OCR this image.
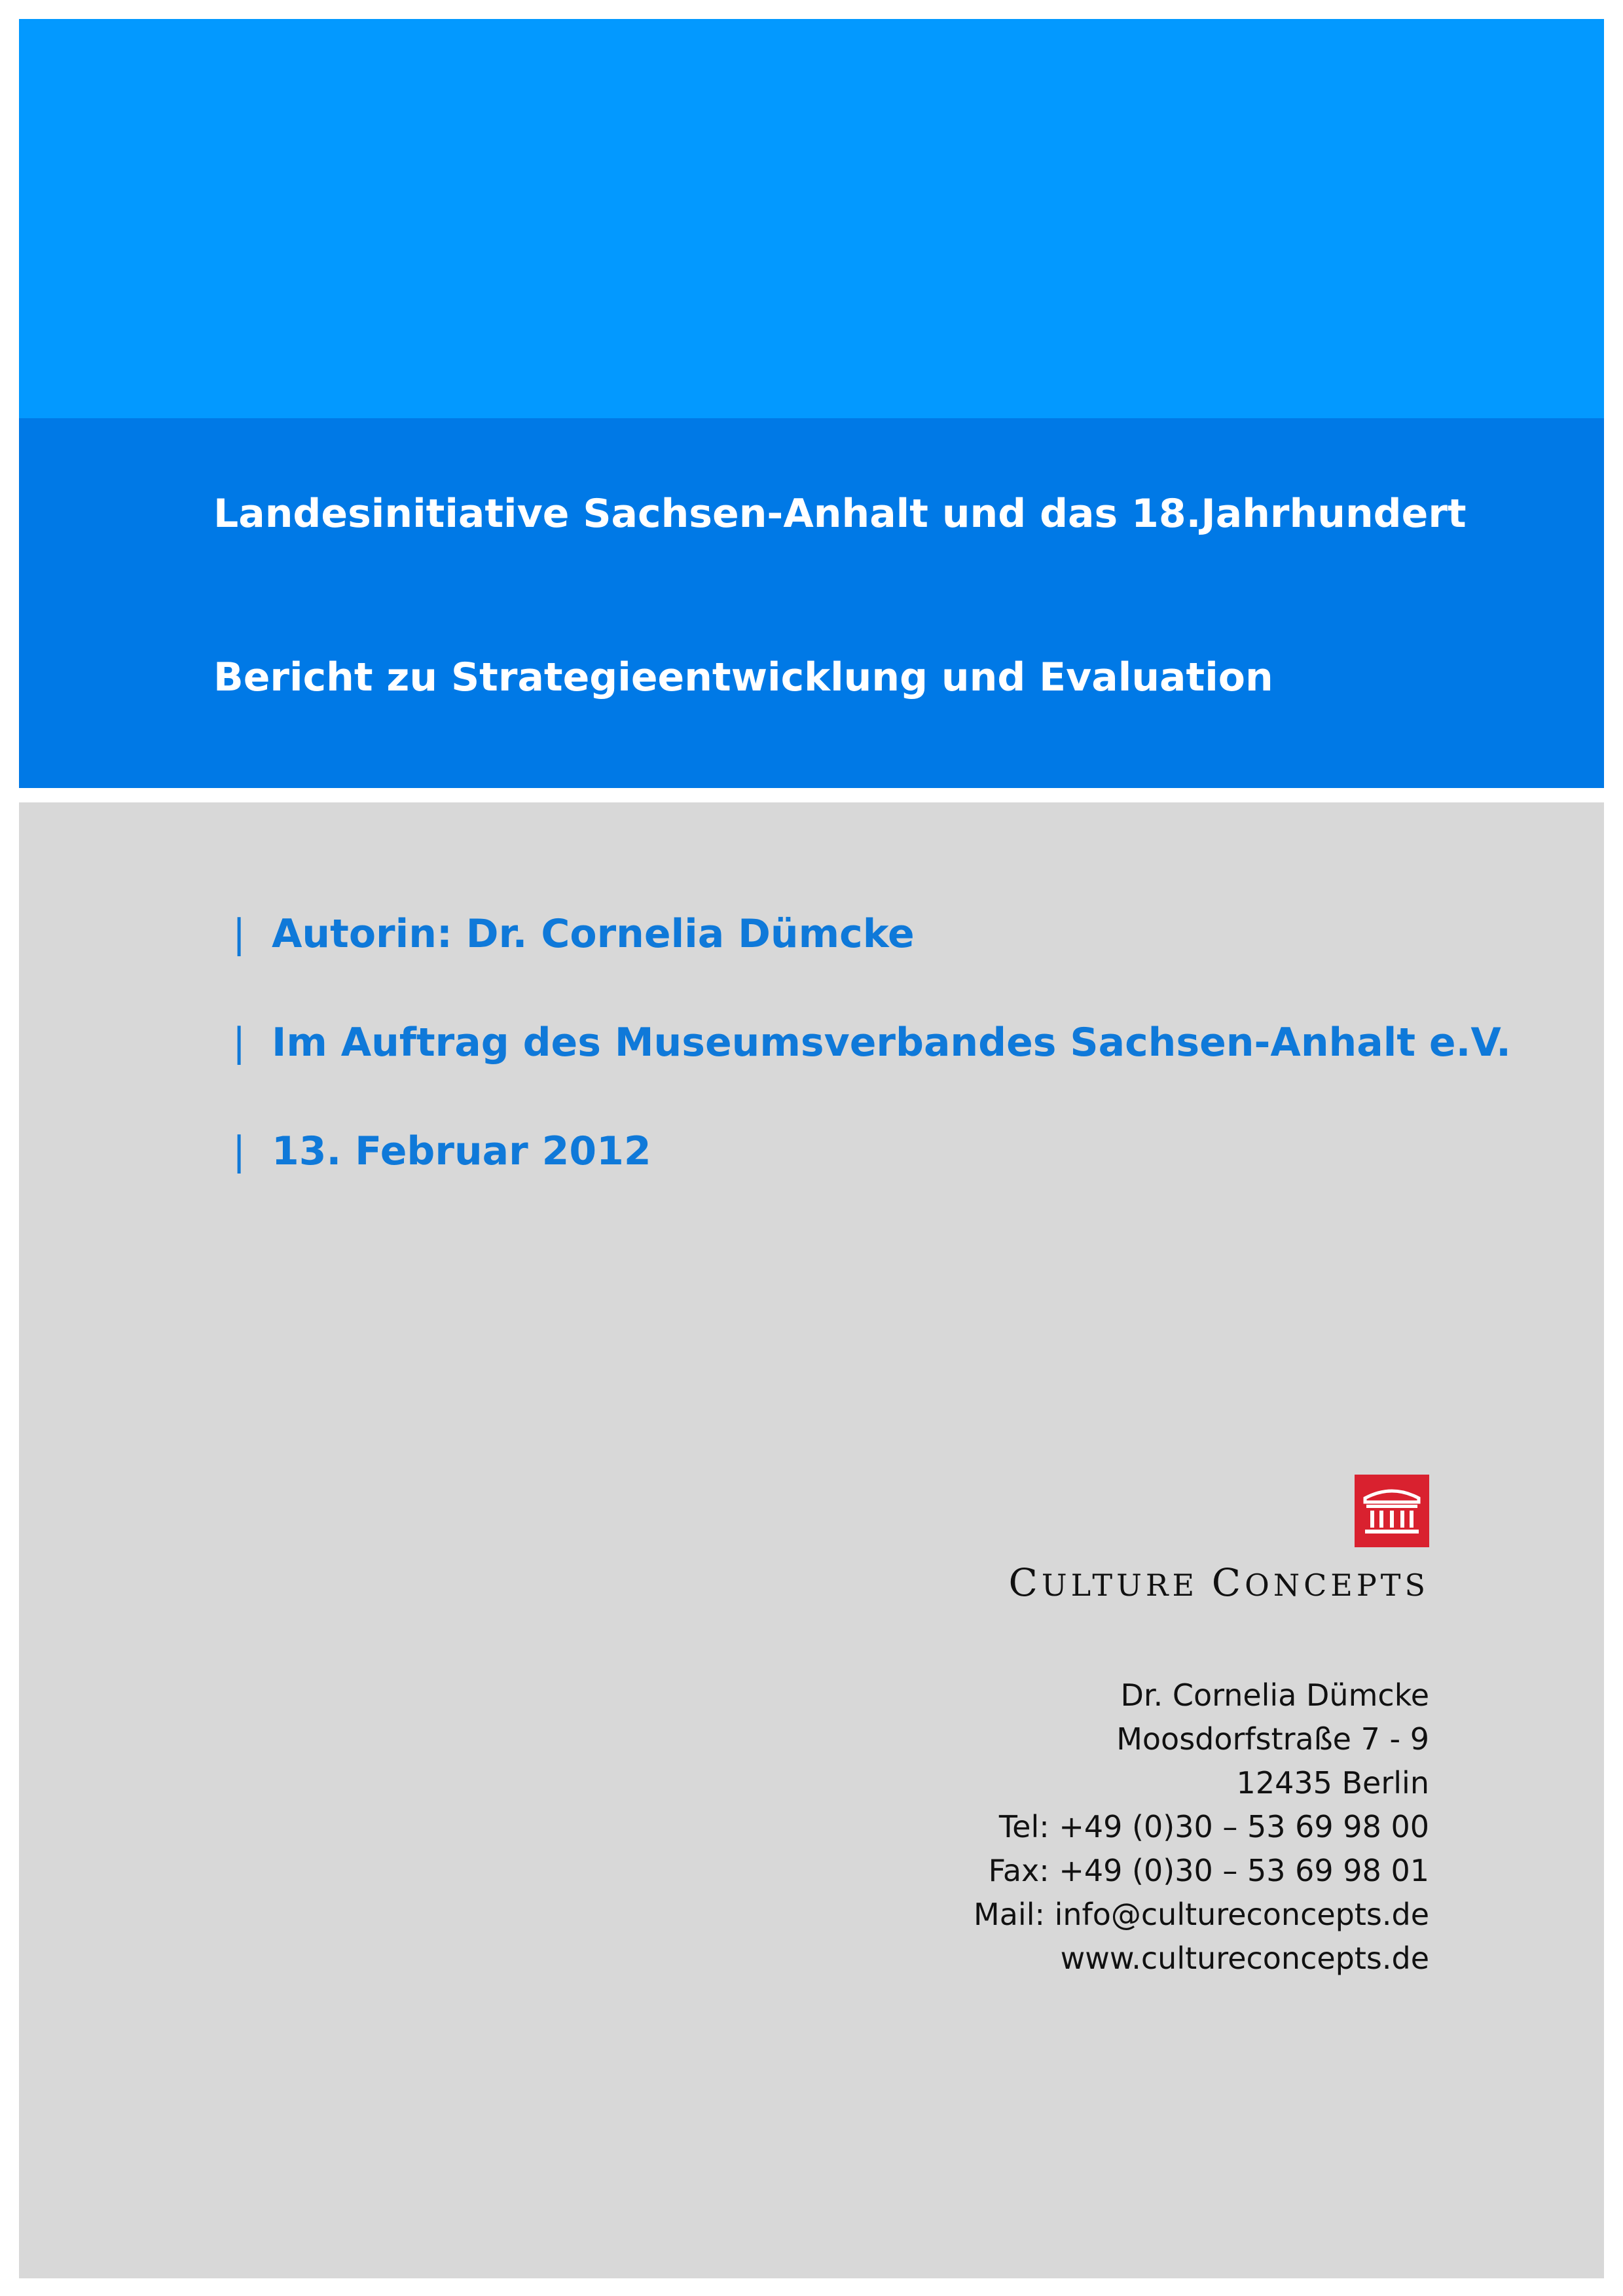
Landesinitiative Sachsen-Anhalt und das 18.Jahrhundert
Bericht zu Strategieentwicklung und Evaluation
| Autorin: Dr. Cornelia Dümcke
| Im Auftrag des Museumsverbandes Sachsen-Anhalt e.V.
| 13. Februar 2012
CULTURE CONCEPTS
Dr. Cornelia Dümcke
Moosdorfstraße 7 - 9
12435 Berlin
Tel: +49 (0)30 – 53 69 98 00
Fax: +49 (0)30 – 53 69 98 01
Mail: info@cultureconcepts.de
www.cultureconcepts.de
